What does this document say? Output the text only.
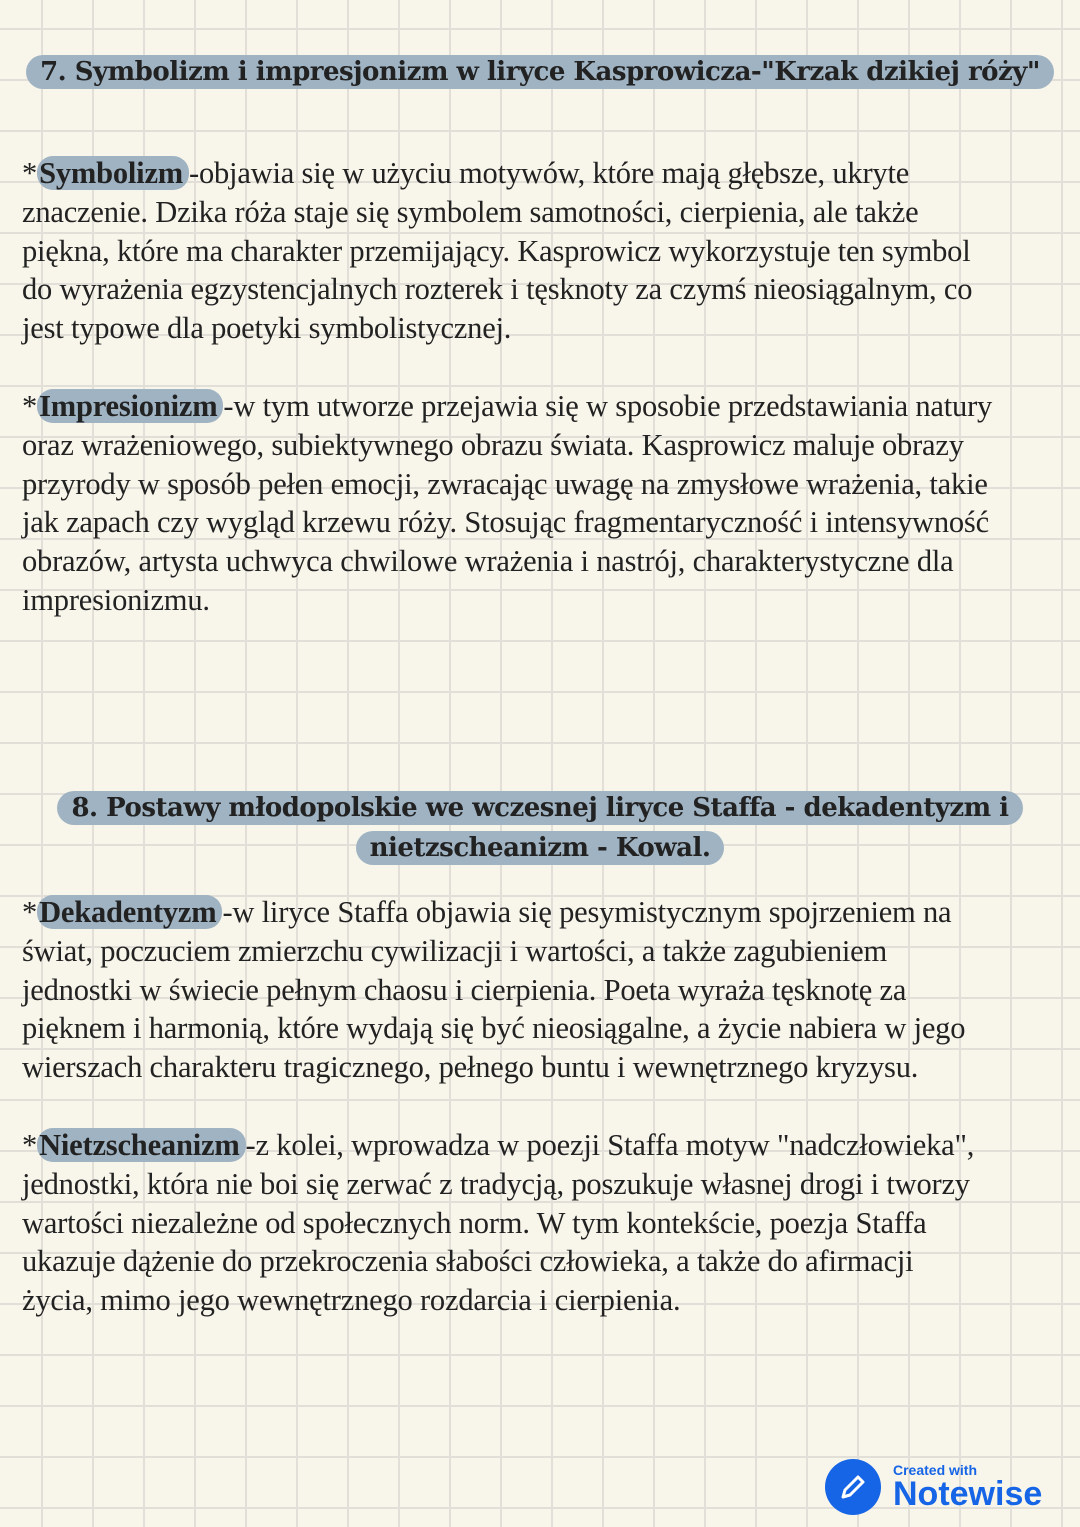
7. Symbolizm i impresjonizm w liryce Kasprowicza-"Krzak dzikiej róży"
*Symbolizm -objawia się w użyciu motywów, które mają głębsze, ukryte
znaczenie. Dzika róża staje się symbolem samotności, cierpienia, ale także
piękna, które ma charakter przemijający. Kasprowicz wykorzystuje ten symbol
do wyrażenia egzystencjalnych rozterek i tęsknoty za czymś nieosiągalnym, co
jest typowe dla poetyki symbolistycznej.
*Impresionizm -w tym utworze przejawia się w sposobie przedstawiania natury
oraz wrażeniowego, subiektywnego obrazu świata. Kasprowicz maluje obrazy
przyrody w sposób pełen emocji, zwracając uwagę na zmysłowe wrażenia, takie
jak zapach czy wygląd krzewu róży. Stosując fragmentaryczność i intensywność
obrazów, artysta uchwyca chwilowe wrażenia i nastrój, charakterystyczne dla
impresionizmu.
8. Postawy młodopolskie we wczesnej liryce Staffa - dekadentyzm i
nietzscheanizm - Kowal.
*Dekadentyzm -w liryce Staffa objawia się pesymistycznym spojrzeniem na
świat, poczuciem zmierzchu cywilizacji i wartości, a także zagubieniem
jednostki w świecie pełnym chaosu i cierpienia. Poeta wyraża tęsknotę za
pięknem i harmonią, które wydają się być nieosiągalne, a życie nabiera w jego
wierszach charakteru tragicznego, pełnego buntu i wewnętrznego kryzysu.
*Nietzscheanizm -z kolei, wprowadza w poezji Staffa motyw "nadczłowieka",
jednostki, która nie boi się zerwać z tradycją, poszukuje własnej drogi i tworzy
wartości niezależne od społecznych norm. W tym kontekście, poezja Staffa
ukazuje dążenie do przekroczenia słabości człowieka, a także do afirmacji
życia, mimo jego wewnętrznego rozdarcia i cierpienia.
Created with
Notewise
